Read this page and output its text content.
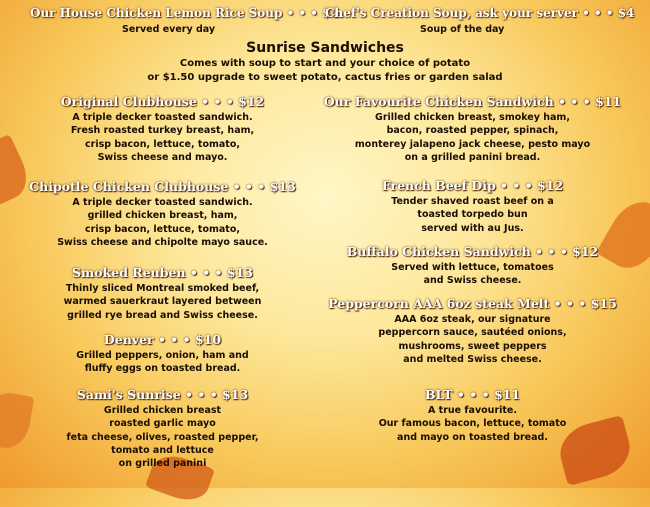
Our House Chicken Lemon Rice Soup • • • $4
Served every day
Chef's Creation Soup, ask your server • • • $4
Soup of the day
Sunrise Sandwiches
Comes with soup to start and your choice of potato
or $1.50 upgrade to sweet potato, cactus fries or garden salad
Original Clubhouse • • • $12
A triple decker toasted sandwich.
Fresh roasted turkey breast, ham,
crisp bacon, lettuce, tomato,
Swiss cheese and mayo.
Chipotle Chicken Clubhouse • • • $13
A triple decker toasted sandwich.
grilled chicken breast, ham,
crisp bacon, lettuce, tomato,
Swiss cheese and chipolte mayo sauce.
Smoked Reuben • • • $13
Thinly sliced Montreal smoked beef,
warmed sauerkraut layered between
grilled rye bread and Swiss cheese.
Denver • • • $10
Grilled peppers, onion, ham and
fluffy eggs on toasted bread.
Sami's Sunrise • • • $13
Grilled chicken breast
roasted garlic mayo
feta cheese, olives, roasted pepper,
tomato and lettuce
on grilled panini
Our Favourite Chicken Sandwich • • • $11
Grilled chicken breast, smokey ham,
bacon, roasted pepper, spinach,
monterey jalapeno jack cheese, pesto mayo
on a grilled panini bread.
French Beef Dip • • • $12
Tender shaved roast beef on a
toasted torpedo bun
served with au Jus.
Buffalo Chicken Sandwich • • • $12
Served with lettuce, tomatoes
and Swiss cheese.
Peppercorn AAA 6oz steak Melt • • • $15
AAA 6oz steak, our signature
peppercorn sauce, sautéed onions,
mushrooms, sweet peppers
and melted Swiss cheese.
BLT • • • $11
A true favourite.
Our famous bacon, lettuce, tomato
and mayo on toasted bread.
